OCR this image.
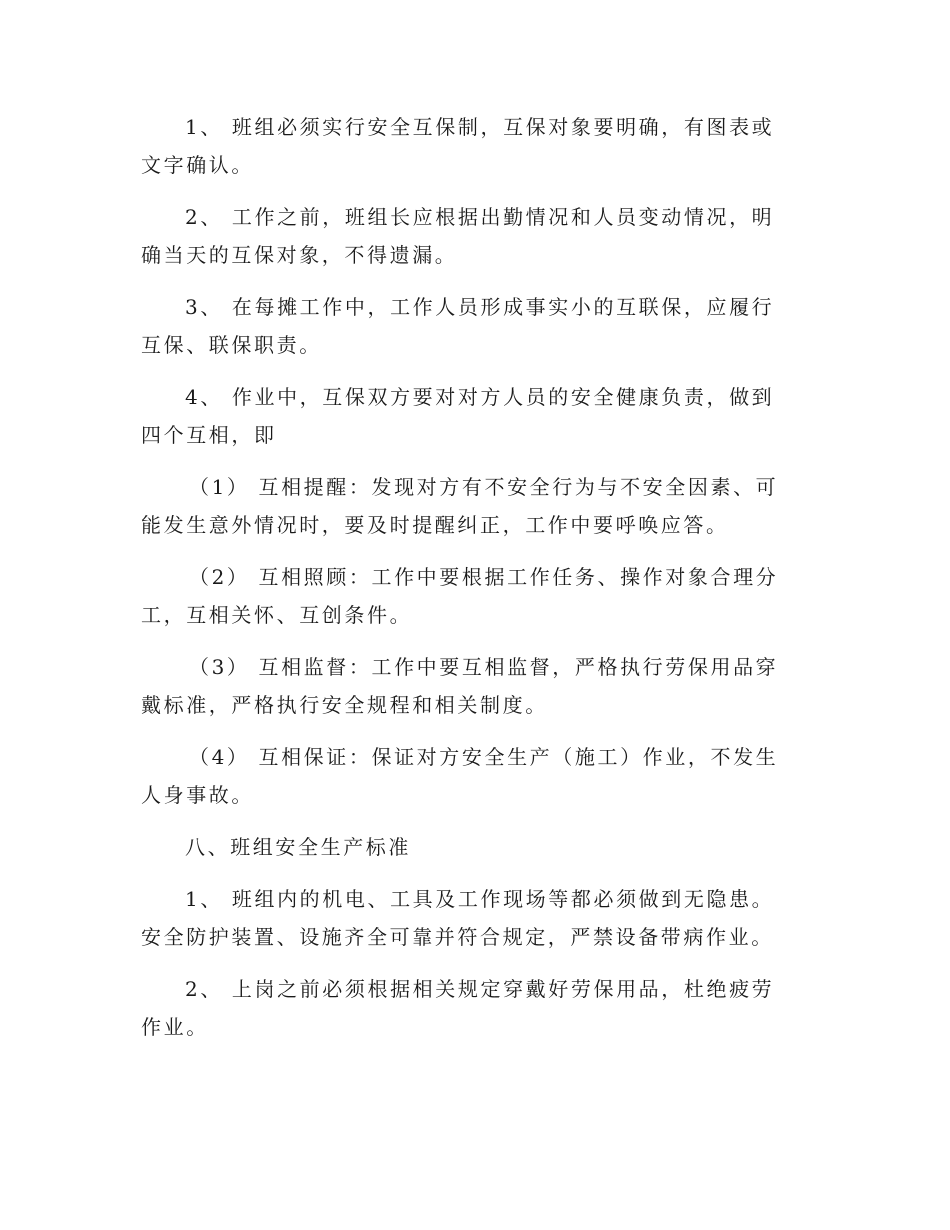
1、 班组必须实行安全互保制，互保对象要明确，有图表或文字确认。

2、 工作之前，班组长应根据出勤情况和人员变动情况，明确当天的互保对象，不得遗漏。

3、 在每摊工作中，工作人员形成事实小的互联保，应履行互保、联保职责。

4、 作业中，互保双方要对对方人员的安全健康负责，做到四个互相，即

（1） 互相提醒：发现对方有不安全行为与不安全因素、可能发生意外情况时，要及时提醒纠正，工作中要呼唤应答。

（2） 互相照顾：工作中要根据工作任务、操作对象合理分工，互相关怀、互创条件。

（3） 互相监督：工作中要互相监督，严格执行劳保用品穿戴标准，严格执行安全规程和相关制度。

（4） 互相保证：保证对方安全生产（施工）作业，不发生人身事故。

八、班组安全生产标准

1、 班组内的机电、工具及工作现场等都必须做到无隐患。安全防护装置、设施齐全可靠并符合规定，严禁设备带病作业。

2、 上岗之前必须根据相关规定穿戴好劳保用品，杜绝疲劳作业。
